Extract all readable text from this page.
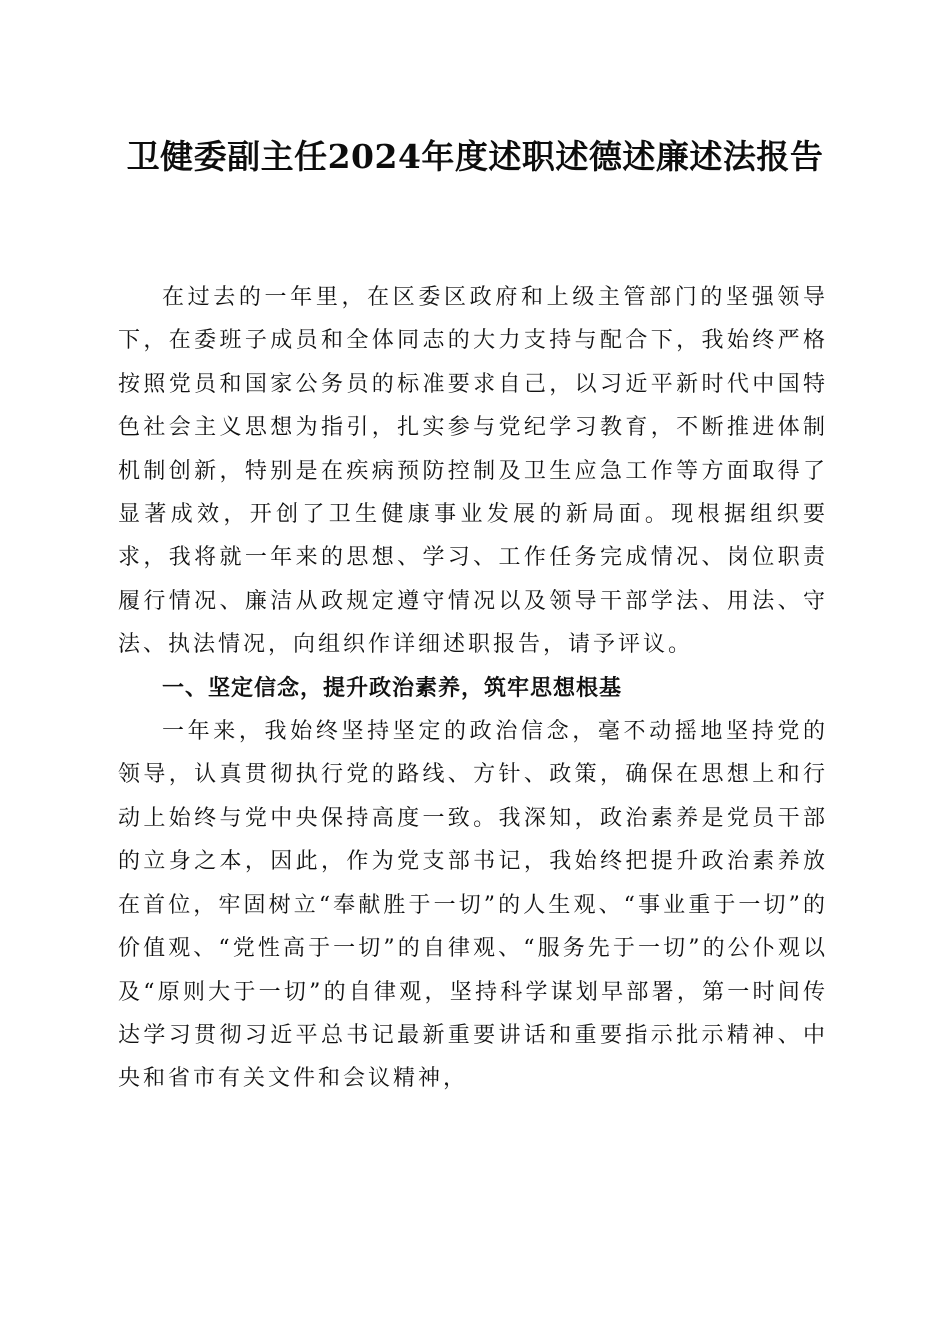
卫健委副主任2024年度述职述德述廉述法报告

在过去的一年里，在区委区政府和上级主管部门的坚强领导下，在委班子成员和全体同志的大力支持与配合下，我始终严格按照党员和国家公务员的标准要求自己，以习近平新时代中国特色社会主义思想为指引，扎实参与党纪学习教育，不断推进体制机制创新，特别是在疾病预防控制及卫生应急工作等方面取得了显著成效，开创了卫生健康事业发展的新局面。现根据组织要求，我将就一年来的思想、学习、工作任务完成情况、岗位职责履行情况、廉洁从政规定遵守情况以及领导干部学法、用法、守法、执法情况，向组织作详细述职报告，请予评议。

一、坚定信念，提升政治素养，筑牢思想根基

一年来，我始终坚持坚定的政治信念，毫不动摇地坚持党的领导，认真贯彻执行党的路线、方针、政策，确保在思想上和行动上始终与党中央保持高度一致。我深知，政治素养是党员干部的立身之本，因此，作为党支部书记，我始终把提升政治素养放在首位，牢固树立“奉献胜于一切”的人生观、“事业重于一切”的价值观、“党性高于一切”的自律观、“服务先于一切”的公仆观以及“原则大于一切”的自律观，坚持科学谋划早部署，第一时间传达学习贯彻习近平总书记最新重要讲话和重要指示批示精神、中央和省市有关文件和会议精神，
